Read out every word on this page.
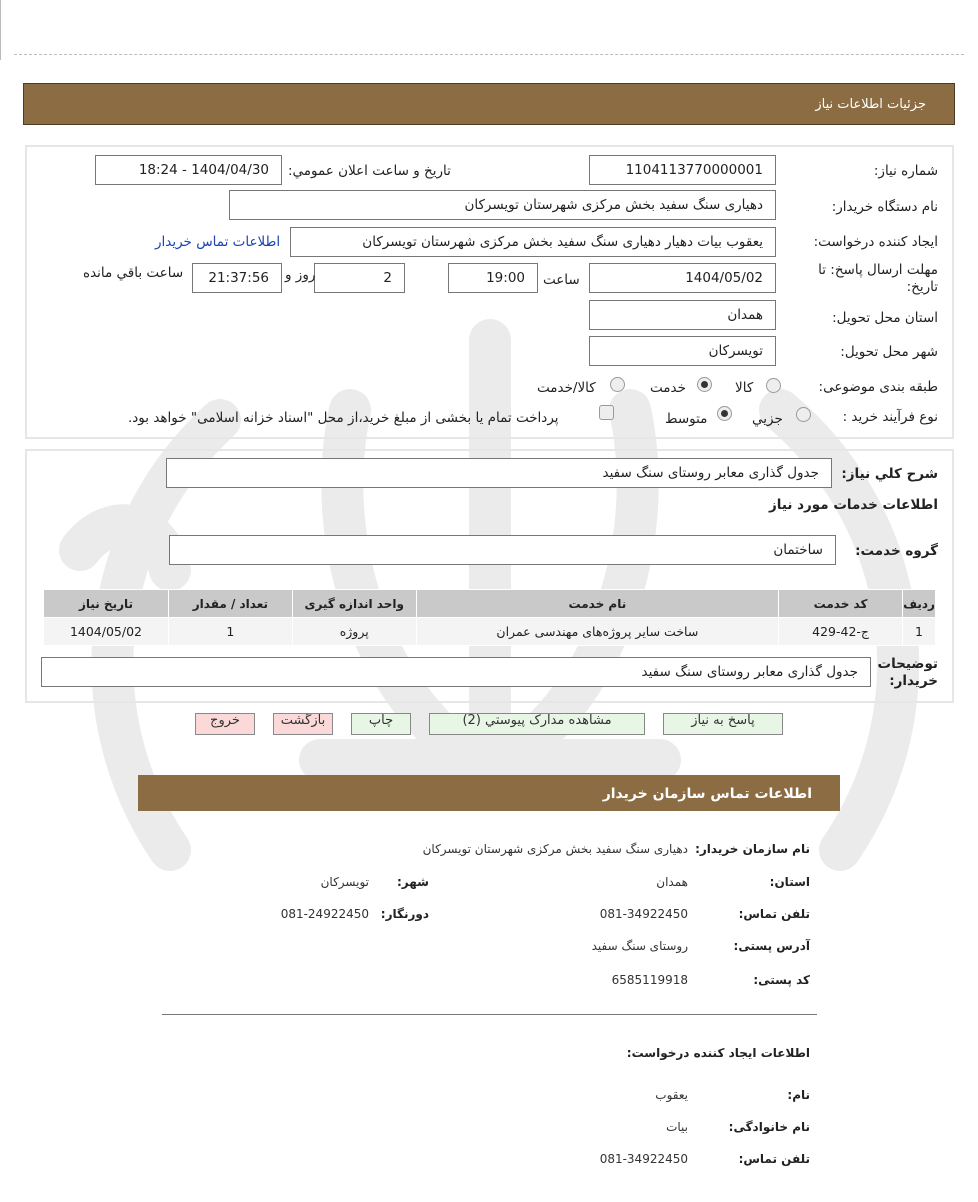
جزئیات اطلاعات نیاز
شماره نیاز:
1104113770000001
تاریخ و ساعت اعلان عمومي:
1404/04/30 - 18:24
نام دستگاه خریدار:
دهیاری سنگ سفید بخش مرکزی شهرستان تویسرکان
ایجاد کننده درخواست:
یعقوب بیات دهیار دهیاری سنگ سفید بخش مرکزی شهرستان تویسرکان
اطلاعات تماس خریدار
مهلت ارسال پاسخ: تا
تاریخ:
1404/05/02
ساعت
19:00
2
روز و
21:37:56
ساعت باقي مانده
استان محل تحویل:
همدان
شهر محل تحویل:
تویسرکان
طبقه بندی موضوعی:
کالا
خدمت
کالا/خدمت
نوع فرآیند خرید :
جزیي
متوسط
پرداخت تمام یا بخشی از مبلغ خرید،از محل "اسناد خزانه اسلامی" خواهد بود.
شرح کلي نیاز:
جدول گذاری معابر روستای سنگ سفید
اطلاعات خدمات مورد نیاز
گروه خدمت:
ساختمان
ردیف	کد خدمت	نام خدمت	واحد اندازه گیری	تعداد / مقدار	تاریخ نیاز
1	ج-42-429	ساخت سایر پروژه‌های مهندسی عمران	پروژه	1	1404/05/02
توضیحات
خریدار:
جدول گذاری معابر روستای سنگ سفید
پاسخ به نیاز
مشاهده مدارک پیوستي (2)
چاپ
بازگشت
خروج
اطلاعات تماس سازمان خریدار
نام سازمان خریدار:
دهیاری سنگ سفید بخش مرکزی شهرستان تویسرکان
استان:
همدان
شهر:
تویسرکان
تلفن تماس:
081-34922450
دورنگار:
081-24922450
آدرس پستی:
روستای سنگ سفید
کد پستی:
6585119918
اطلاعات ایجاد کننده درخواست:
نام:
یعقوب
نام خانوادگی:
بیات
تلفن تماس:
081-34922450
